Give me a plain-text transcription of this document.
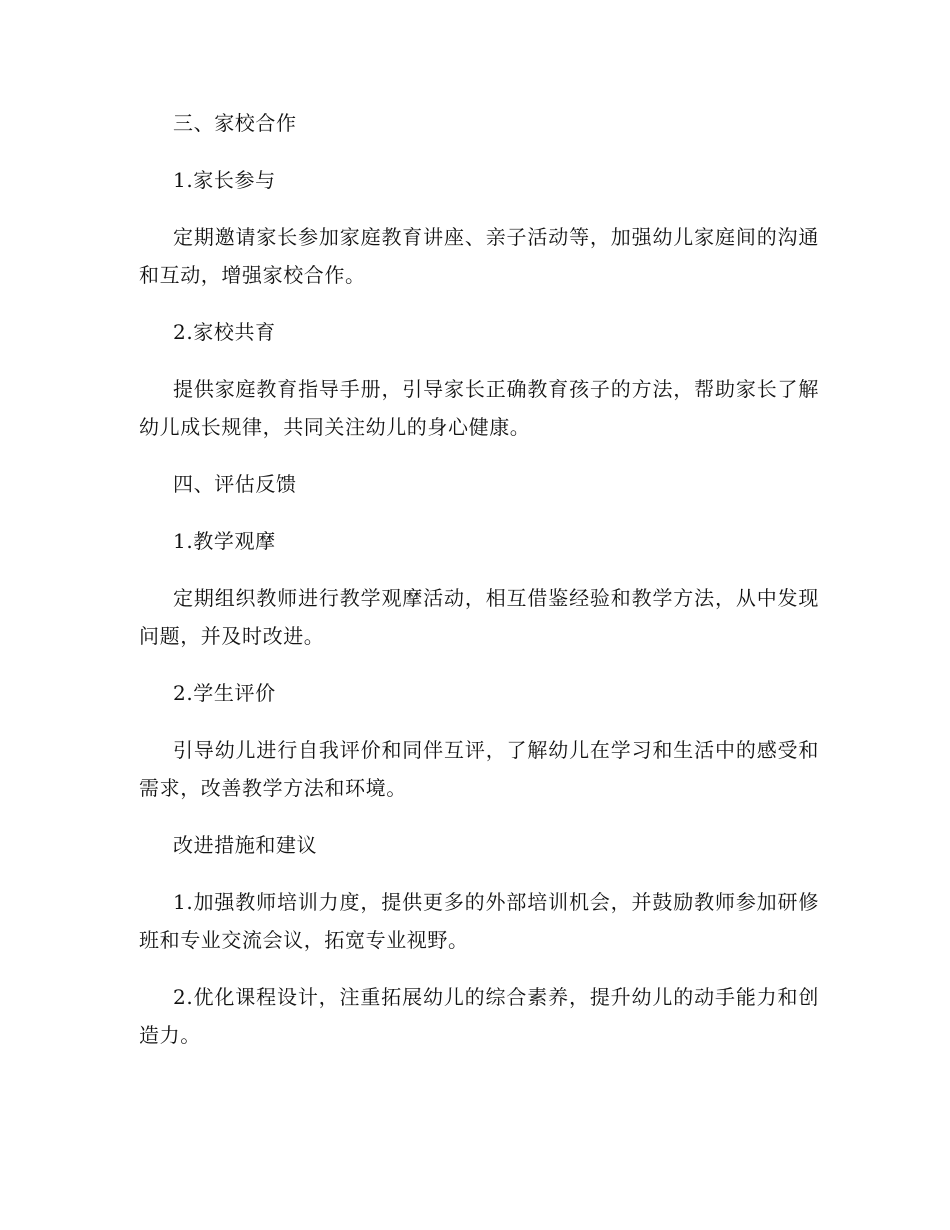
三、家校合作

1.家长参与

定期邀请家长参加家庭教育讲座、亲子活动等，加强幼儿家庭间的沟通和互动，增强家校合作。

2.家校共育

提供家庭教育指导手册，引导家长正确教育孩子的方法，帮助家长了解幼儿成长规律，共同关注幼儿的身心健康。

四、评估反馈

1.教学观摩

定期组织教师进行教学观摩活动，相互借鉴经验和教学方法，从中发现问题，并及时改进。

2.学生评价

引导幼儿进行自我评价和同伴互评，了解幼儿在学习和生活中的感受和需求，改善教学方法和环境。

改进措施和建议

1.加强教师培训力度，提供更多的外部培训机会，并鼓励教师参加研修班和专业交流会议，拓宽专业视野。

2.优化课程设计，注重拓展幼儿的综合素养，提升幼儿的动手能力和创造力。
